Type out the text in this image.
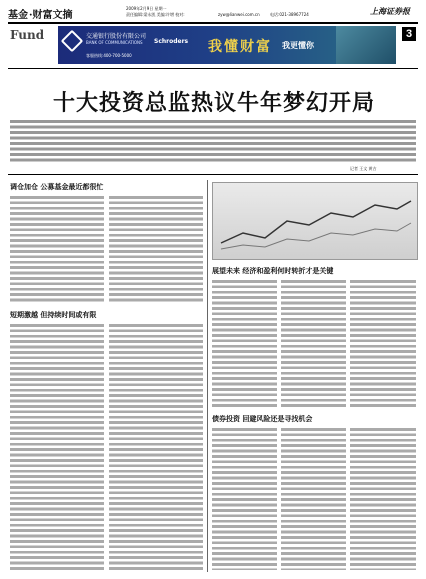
基金 ·财富文摘
2009年2月9日 星期一
责任编辑:梁永凯 美编:许增 校对:	zyw@lianwei.com.cn	电话:021-38967724	上海证券报
Fund	3
交通银行股份有限公司
BANK OF COMMUNICATIONS Schroders
客服热线:400-700-5000
我懂财富 我更懂你
十大投资总监热议牛年梦幻开局
记者 王文 黄吉
调仓加仓 公募基金最近都很忙
短期激越 但持续时间或有限
展望未来 经济和盈利何时转折才是关键
债券投资 回避风险还是寻找机会
